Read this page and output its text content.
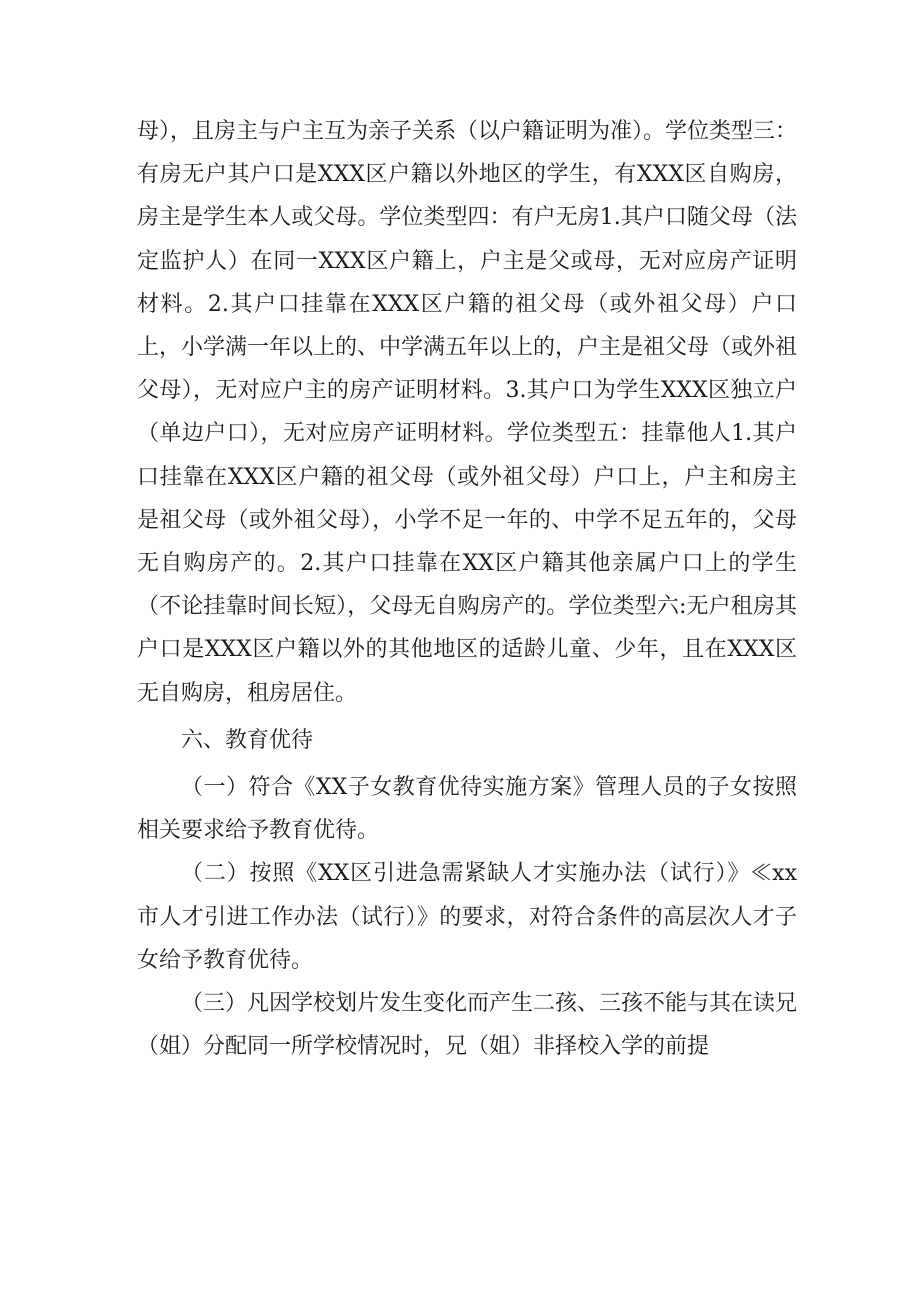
母），且房主与户主互为亲子关系（以户籍证明为准）。学位类型三：有房无户其户口是XXX区户籍以外地区的学生，有XXX区自购房，房主是学生本人或父母。学位类型四：有户无房1.其户口随父母（法定监护人）在同一XXX区户籍上，户主是父或母，无对应房产证明材料。2.其户口挂靠在XXX区户籍的祖父母（或外祖父母）户口上，小学满一年以上的、中学满五年以上的，户主是祖父母（或外祖父母），无对应户主的房产证明材料。3.其户口为学生XXX区独立户（单边户口），无对应房产证明材料。学位类型五：挂靠他人1.其户口挂靠在XXX区户籍的祖父母（或外祖父母）户口上，户主和房主是祖父母（或外祖父母），小学不足一年的、中学不足五年的，父母无自购房产的。2.其户口挂靠在XX区户籍其他亲属户口上的学生（不论挂靠时间长短），父母无自购房产的。学位类型六:无户租房其户口是XXX区户籍以外的其他地区的适龄儿童、少年，且在XXX区无自购房，租房居住。

六、教育优待

（一）符合《XX子女教育优待实施方案》管理人员的子女按照相关要求给予教育优待。

（二）按照《XX区引进急需紧缺人才实施办法（试行）》≪xx市人才引进工作办法（试行）》的要求，对符合条件的高层次人才子女给予教育优待。

（三）凡因学校划片发生变化而产生二孩、三孩不能与其在读兄（姐）分配同一所学校情况时，兄（姐）非择校入学的前提
